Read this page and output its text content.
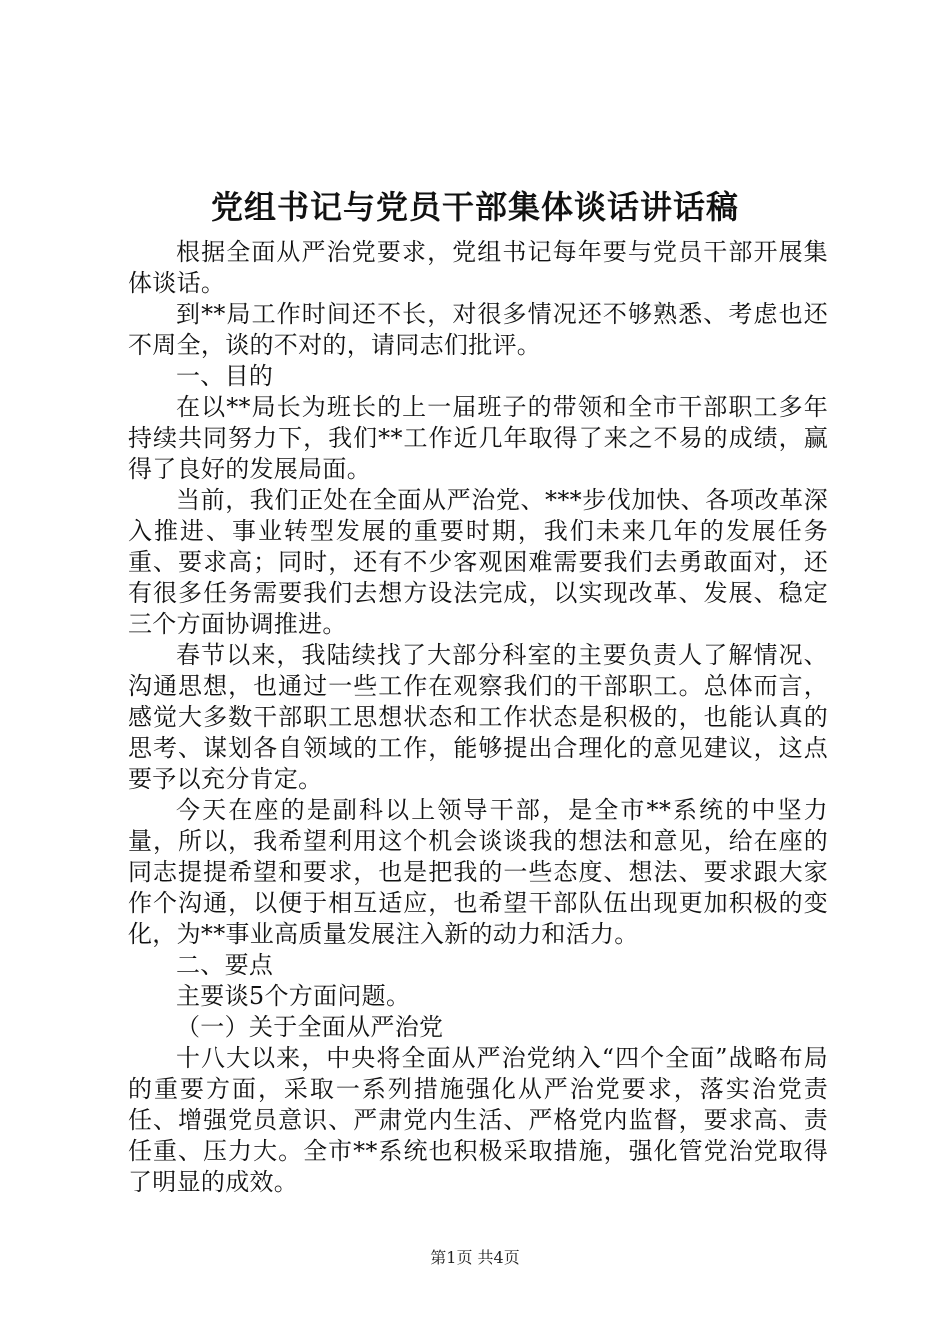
党组书记与党员干部集体谈话讲话稿

根据全面从严治党要求，党组书记每年要与党员干部开展集体谈话。

到**局工作时间还不长，对很多情况还不够熟悉、考虑也还不周全，谈的不对的，请同志们批评。

一、目的

在以**局长为班长的上一届班子的带领和全市干部职工多年持续共同努力下，我们**工作近几年取得了来之不易的成绩，赢得了良好的发展局面。

当前，我们正处在全面从严治党、***步伐加快、各项改革深入推进、事业转型发展的重要时期，我们未来几年的发展任务重、要求高；同时，还有不少客观困难需要我们去勇敢面对，还有很多任务需要我们去想方设法完成，以实现改革、发展、稳定三个方面协调推进。

春节以来，我陆续找了大部分科室的主要负责人了解情况、沟通思想，也通过一些工作在观察我们的干部职工。总体而言，感觉大多数干部职工思想状态和工作状态是积极的，也能认真的思考、谋划各自领域的工作，能够提出合理化的意见建议，这点要予以充分肯定。

今天在座的是副科以上领导干部，是全市**系统的中坚力量，所以，我希望利用这个机会谈谈我的想法和意见，给在座的同志提提希望和要求，也是把我的一些态度、想法、要求跟大家作个沟通，以便于相互适应，也希望干部队伍出现更加积极的变化，为**事业高质量发展注入新的动力和活力。

二、要点

主要谈5个方面问题。

（一）关于全面从严治党

十八大以来，中央将全面从严治党纳入“四个全面”战略布局的重要方面，采取一系列措施强化从严治党要求，落实治党责任、增强党员意识、严肃党内生活、严格党内监督，要求高、责任重、压力大。全市**系统也积极采取措施，强化管党治党取得了明显的成效。

第1页 共4页
